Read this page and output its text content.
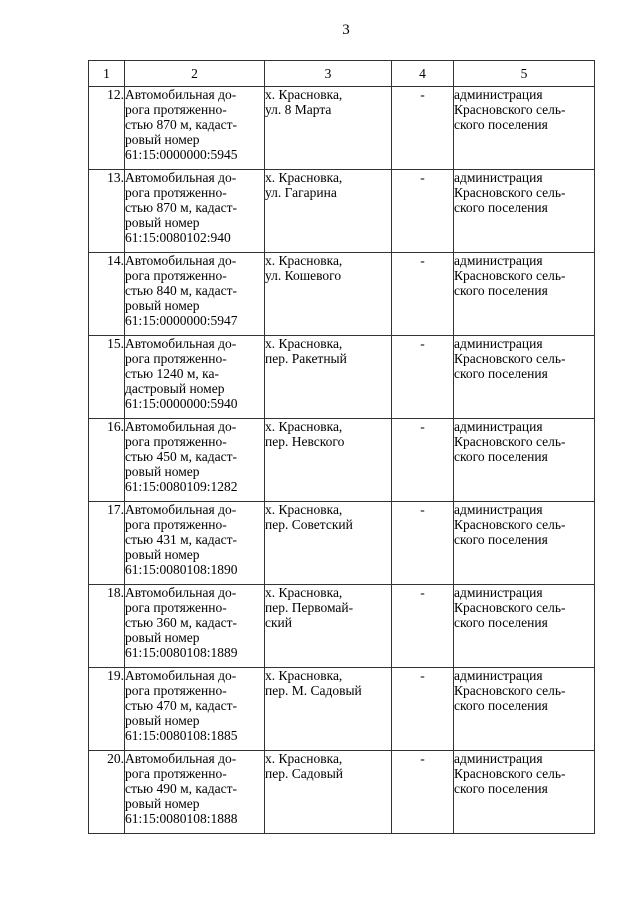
3
1	2	3	4	5
12.	Автомобильная до-
рога протяженно-
стью 870 м, кадаст-
ровый номер
61:15:0000000:5945	х. Красновка,
ул. 8 Марта	-	администрация
Красновского сель-
ского поселения

13.	Автомобильная до-
рога протяженно-
стью 870 м, кадаст-
ровый номер
61:15:0080102:940	х. Красновка,
ул. Гагарина	-	администрация
Красновского сель-
ского поселения

14.	Автомобильная до-
рога протяженно-
стью 840 м, кадаст-
ровый номер
61:15:0000000:5947	х. Красновка,
ул. Кошевого	-	администрация
Красновского сель-
ского поселения

15.	Автомобильная до-
рога протяженно-
стью 1240 м, ка-
дастровый номер
61:15:0000000:5940	х. Красновка,
пер. Ракетный	-	администрация
Красновского сель-
ского поселения

16.	Автомобильная до-
рога протяженно-
стью 450 м, кадаст-
ровый номер
61:15:0080109:1282	х. Красновка,
пер. Невского	-	администрация
Красновского сель-
ского поселения

17.	Автомобильная до-
рога протяженно-
стью 431 м, кадаст-
ровый номер
61:15:0080108:1890	х. Красновка,
пер. Советский	-	администрация
Красновского сель-
ского поселения

18.	Автомобильная до-
рога протяженно-
стью 360 м, кадаст-
ровый номер
61:15:0080108:1889	х. Красновка,
пер. Первомай-
ский	-	администрация
Красновского сель-
ского поселения

19.	Автомобильная до-
рога протяженно-
стью 470 м, кадаст-
ровый номер
61:15:0080108:1885	х. Красновка,
пер. М. Садовый	-	администрация
Красновского сель-
ского поселения

20.	Автомобильная до-
рога протяженно-
стью 490 м, кадаст-
ровый номер
61:15:0080108:1888	х. Красновка,
пер. Садовый	-	администрация
Красновского сель-
ского поселения
